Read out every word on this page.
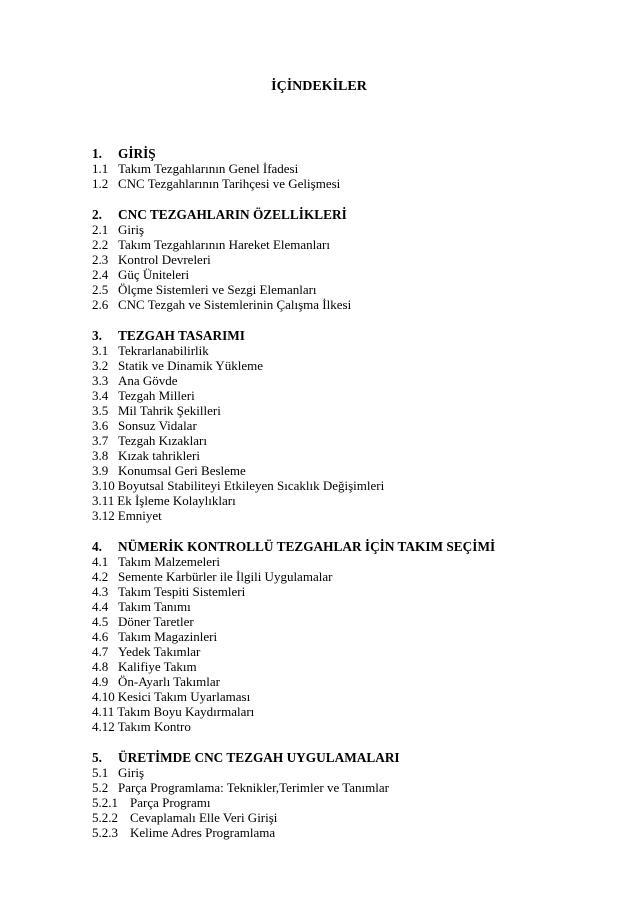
İÇİNDEKİLER
1.	GİRİŞ
1.1 Takım Tezgahlarının Genel İfadesi
1.2 CNC Tezgahlarının Tarihçesi ve Gelişmesi
2.	CNC TEZGAHLARIN ÖZELLİKLERİ
2.1 Giriş
2.2 Takım Tezgahlarının Hareket Elemanları
2.3 Kontrol Devreleri
2.4 Güç Üniteleri
2.5 Ölçme Sistemleri ve Sezgi Elemanları
2.6 CNC Tezgah ve Sistemlerinin Çalışma İlkesi
3.	TEZGAH TASARIMI
3.1 Tekrarlanabilirlik
3.2 Statik ve Dinamik Yükleme
3.3 Ana Gövde
3.4 Tezgah Milleri
3.5 Mil Tahrik Şekilleri
3.6 Sonsuz Vidalar
3.7 Tezgah Kızakları
3.8 Kızak tahrikleri
3.9 Konumsal Geri Besleme
3.10 Boyutsal Stabiliteyi Etkileyen Sıcaklık Değişimleri
3.11 Ek İşleme Kolaylıkları
3.12 Emniyet
4.	NÜMERİK KONTROLLÜ TEZGAHLAR İÇİN TAKIM SEÇİMİ
4.1 Takım Malzemeleri
4.2 Semente Karbürler ile İlgili Uygulamalar
4.3 Takım Tespiti Sistemleri
4.4 Takım Tanımı
4.5 Döner Taretler
4.6 Takım Magazinleri
4.7 Yedek Takımlar
4.8 Kalifiye Takım
4.9 Ön-Ayarlı Takımlar
4.10 Kesici Takım Uyarlaması
4.11 Takım Boyu Kaydırmaları
4.12 Takım Kontro
5.	ÜRETİMDE CNC TEZGAH UYGULAMALARI
5.1 Giriş
5.2 Parça Programlama: Teknikler,Terimler ve Tanımlar
5.2.1 Parça Programı
5.2.2 Cevaplamalı Elle Veri Girişi
5.2.3 Kelime Adres Programlama
